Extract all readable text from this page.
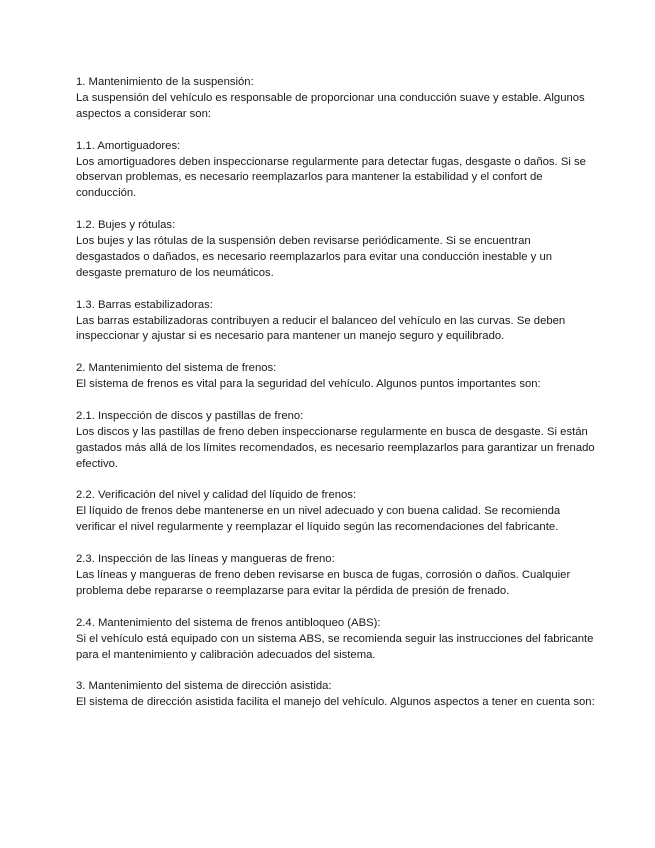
1. Mantenimiento de la suspensión:
La suspensión del vehículo es responsable de proporcionar una conducción suave y estable. Algunos aspectos a considerar son:
1.1. Amortiguadores:
Los amortiguadores deben inspeccionarse regularmente para detectar fugas, desgaste o daños. Si se observan problemas, es necesario reemplazarlos para mantener la estabilidad y el confort de conducción.
1.2. Bujes y rótulas:
Los bujes y las rótulas de la suspensión deben revisarse periódicamente. Si se encuentran desgastados o dañados, es necesario reemplazarlos para evitar una conducción inestable y un desgaste prematuro de los neumáticos.
1.3. Barras estabilizadoras:
Las barras estabilizadoras contribuyen a reducir el balanceo del vehículo en las curvas. Se deben inspeccionar y ajustar si es necesario para mantener un manejo seguro y equilibrado.
2. Mantenimiento del sistema de frenos:
El sistema de frenos es vital para la seguridad del vehículo. Algunos puntos importantes son:
2.1. Inspección de discos y pastillas de freno:
Los discos y las pastillas de freno deben inspeccionarse regularmente en busca de desgaste. Si están gastados más allá de los límites recomendados, es necesario reemplazarlos para garantizar un frenado efectivo.
2.2. Verificación del nivel y calidad del líquido de frenos:
El líquido de frenos debe mantenerse en un nivel adecuado y con buena calidad. Se recomienda verificar el nivel regularmente y reemplazar el líquido según las recomendaciones del fabricante.
2.3. Inspección de las líneas y mangueras de freno:
Las líneas y mangueras de freno deben revisarse en busca de fugas, corrosión o daños. Cualquier problema debe repararse o reemplazarse para evitar la pérdida de presión de frenado.
2.4. Mantenimiento del sistema de frenos antibloqueo (ABS):
Si el vehículo está equipado con un sistema ABS, se recomienda seguir las instrucciones del fabricante para el mantenimiento y calibración adecuados del sistema.
3. Mantenimiento del sistema de dirección asistida:
El sistema de dirección asistida facilita el manejo del vehículo. Algunos aspectos a tener en cuenta son:
